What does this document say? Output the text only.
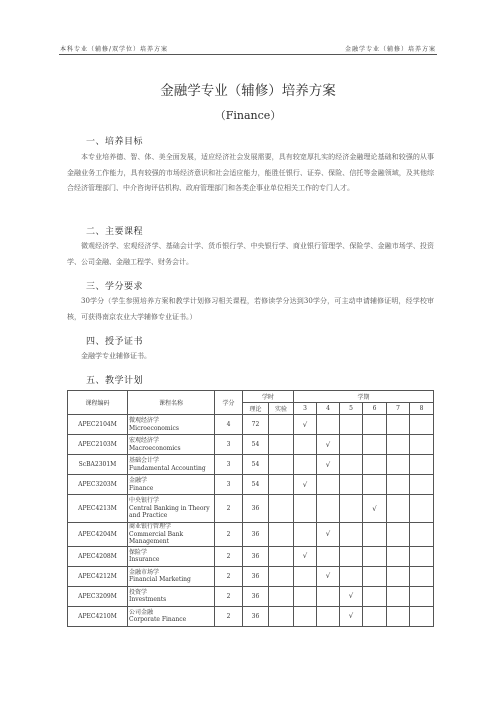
本科专业（辅修/双学位）培养方案	金融学专业（辅修）培养方案
金融学专业（辅修）培养方案
（Finance）
一、培养目标
本专业培养德、智、体、美全面发展，适应经济社会发展需要，具有较宽厚扎实的经济金融理论基础和较强的从事金融业务工作能力，具有较强的市场经济意识和社会适应能力，能胜任银行、证券、保险、信托等金融领域，及其他综合经济管理部门、中介咨询评估机构、政府管理部门和各类企事业单位相关工作的专门人才。
二、主要课程
微观经济学、宏观经济学、基础会计学、货币银行学、中央银行学、商业银行管理学、保险学、金融市场学、投资学、公司金融、金融工程学、财务会计。
三、学分要求
30学分（学生参照培养方案和教学计划修习相关课程，若修读学分达到30学分，可主动申请辅修证明，经学校审核，可获得南京农业大学辅修专业证书。）
四、授予证书
金融学专业辅修证书。
五、教学计划
课程编码	课程名称	学分	学时		学期					
			理论	实验	3	4	5	6	7	8
APEC2104M	微观经济学
Microeconomics	4	72		√					
APEC2103M	宏观经济学
Macroeconomics	3	54			√				
ScBA2301M	基础会计学
Fundamental Accounting	3	54			√				
APEC3203M	金融学
Finance	3	54		√					
APEC4213M	中央银行学
Central Banking in Theory and Practice	2	36					√		
APEC4204M	商业银行管理学
Commercial Bank Management	2	36			√				
APEC4208M	保险学
Insurance	2	36		√					
APEC4212M	金融市场学
Financial Marketing	2	36			√				
APEC3209M	投资学
Investments	2	36				√			
APEC4210M	公司金融
Corporate Finance	2	36				√			
